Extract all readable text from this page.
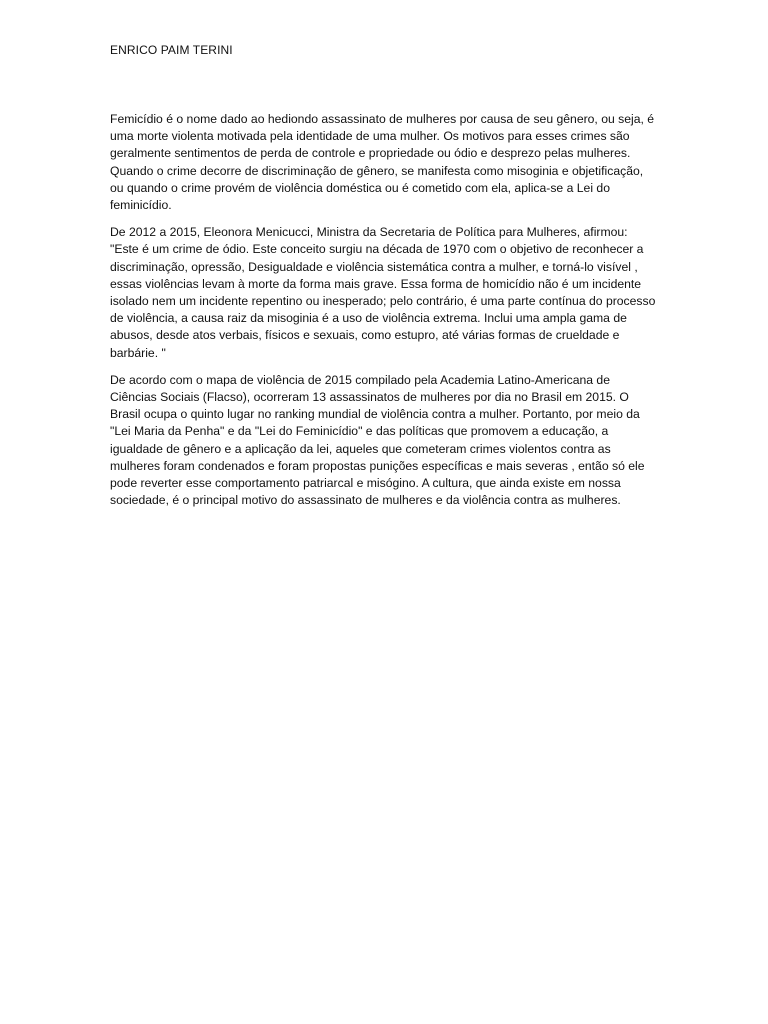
ENRICO PAIM TERINI

Femicídio é o nome dado ao hediondo assassinato de mulheres por causa de seu gênero, ou seja, é uma morte violenta motivada pela identidade de uma mulher. Os motivos para esses crimes são geralmente sentimentos de perda de controle e propriedade ou ódio e desprezo pelas mulheres. Quando o crime decorre de discriminação de gênero, se manifesta como misoginia e objetificação, ou quando o crime provém de violência doméstica ou é cometido com ela, aplica-se a Lei do feminicídio.

De 2012 a 2015, Eleonora Menicucci, Ministra da Secretaria de Política para Mulheres, afirmou: "Este é um crime de ódio. Este conceito surgiu na década de 1970 com o objetivo de reconhecer a discriminação, opressão, Desigualdade e violência sistemática contra a mulher, e torná-lo visível , essas violências levam à morte da forma mais grave. Essa forma de homicídio não é um incidente isolado nem um incidente repentino ou inesperado; pelo contrário, é uma parte contínua do processo de violência, a causa raiz da misoginia é a uso de violência extrema. Inclui uma ampla gama de abusos, desde atos verbais, físicos e sexuais, como estupro, até várias formas de crueldade e barbárie. "

De acordo com o mapa de violência de 2015 compilado pela Academia Latino-Americana de Ciências Sociais (Flacso), ocorreram 13 assassinatos de mulheres por dia no Brasil em 2015. O Brasil ocupa o quinto lugar no ranking mundial de violência contra a mulher. Portanto, por meio da "Lei Maria da Penha" e da "Lei do Feminicídio" e das políticas que promovem a educação, a igualdade de gênero e a aplicação da lei, aqueles que cometeram crimes violentos contra as mulheres foram condenados e foram propostas punições específicas e mais severas , então só ele pode reverter esse comportamento patriarcal e misógino. A cultura, que ainda existe em nossa sociedade, é o principal motivo do assassinato de mulheres e da violência contra as mulheres.
